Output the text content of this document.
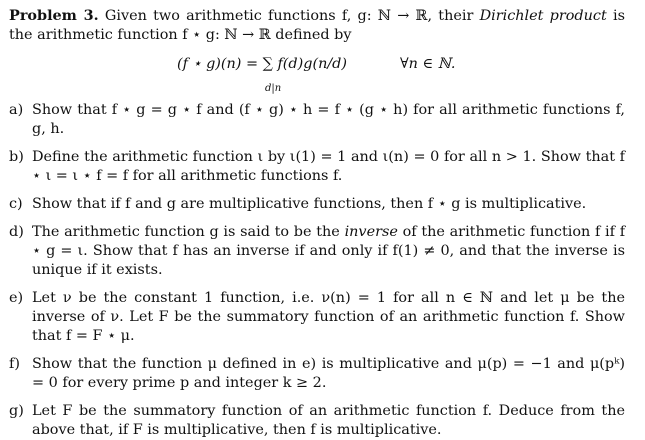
Problem 3. Given two arithmetic functions f, g: ℕ → ℝ, their Dirichlet product is the arithmetic function f ⋆ g: ℕ → ℝ defined by

(f ⋆ g)(n) = ∑ f(d)g(n/d)
d|n
∀n ∈ ℕ.

a) Show that f ⋆ g = g ⋆ f and (f ⋆ g) ⋆ h = f ⋆ (g ⋆ h) for all arithmetic functions f, g, h.

b) Define the arithmetic function ι by ι(1) = 1 and ι(n) = 0 for all n > 1. Show that f ⋆ ι = ι ⋆ f = f for all arithmetic functions f.

c) Show that if f and g are multiplicative functions, then f ⋆ g is multiplicative.

d) The arithmetic function g is said to be the inverse of the arithmetic function f if f ⋆ g = ι. Show that f has an inverse if and only if f(1) ≠ 0, and that the inverse is unique if it exists.

e) Let ν be the constant 1 function, i.e. ν(n) = 1 for all n ∈ ℕ and let μ be the inverse of ν. Let F be the summatory function of an arithmetic function f. Show that f = F ⋆ μ.

f) Show that the function μ defined in e) is multiplicative and μ(p) = −1 and μ(pᵏ) = 0 for every prime p and integer k ≥ 2.

g) Let F be the summatory function of an arithmetic function f. Deduce from the above that, if F is multiplicative, then f is multiplicative.
